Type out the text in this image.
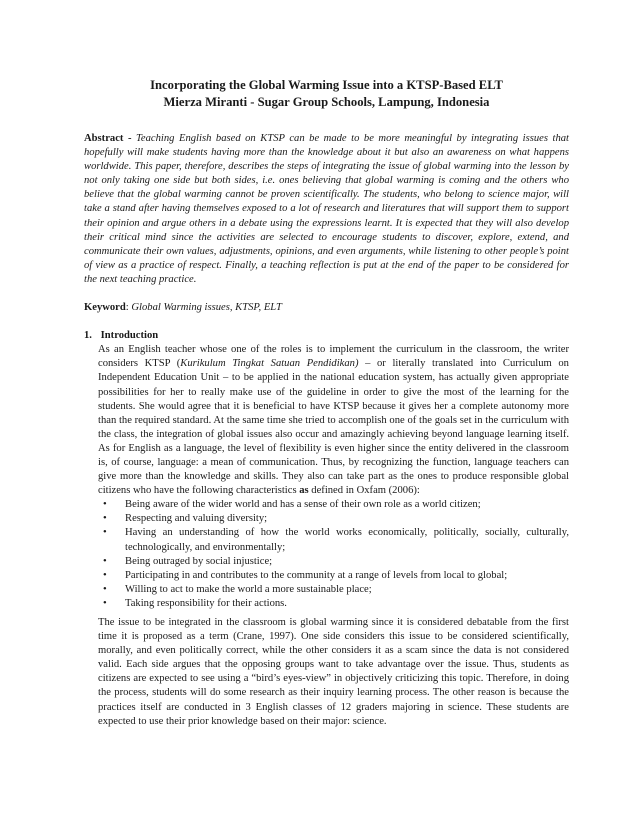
Incorporating the Global Warming Issue into a KTSP-Based ELT
Mierza Miranti - Sugar Group Schools, Lampung, Indonesia
Abstract - Teaching English based on KTSP can be made to be more meaningful by integrating issues that hopefully will make students having more than the knowledge about it but also an awareness on what happens worldwide. This paper, therefore, describes the steps of integrating the issue of global warming into the lesson by not only taking one side but both sides, i.e. ones believing that global warming is coming and the others who believe that the global warming cannot be proven scientifically. The students, who belong to science major, will take a stand after having themselves exposed to a lot of research and literatures that will support them to support their opinion and argue others in a debate using the expressions learnt. It is expected that they will also develop their critical mind since the activities are selected to encourage students to discover, explore, extend, and communicate their own values, adjustments, opinions, and even arguments, while listening to other people’s point of view as a practice of respect. Finally, a teaching reflection is put at the end of the paper to be considered for the next teaching practice.
Keyword: Global Warming issues, KTSP, ELT
1. Introduction
As an English teacher whose one of the roles is to implement the curriculum in the classroom, the writer considers KTSP (Kurikulum Tingkat Satuan Pendidikan) – or literally translated into Curriculum on Independent Education Unit – to be applied in the national education system, has actually given appropriate possibilities for her to really make use of the guideline in order to give the most of the learning for the students. She would agree that it is beneficial to have KTSP because it gives her a complete autonomy more than the required standard. At the same time she tried to accomplish one of the goals set in the curriculum with the class, the integration of global issues also occur and amazingly achieving beyond language learning itself. As for English as a language, the level of flexibility is even higher since the entity delivered in the classroom is, of course, language: a mean of communication. Thus, by recognizing the function, language teachers can give more than the knowledge and skills. They also can take part as the ones to produce responsible global citizens who have the following characteristics as defined in Oxfam (2006):
•	Being aware of the wider world and has a sense of their own role as a world citizen;
•	Respecting and valuing diversity;
•	Having an understanding of how the world works economically, politically, socially, culturally, technologically, and environmentally;
•	Being outraged by social injustice;
•	Participating in and contributes to the community at a range of levels from local to global;
•	Willing to act to make the world a more sustainable place;
•	Taking responsibility for their actions.
The issue to be integrated in the classroom is global warming since it is considered debatable from the first time it is proposed as a term (Crane, 1997). One side considers this issue to be considered scientifically, morally, and even politically correct, while the other considers it as a scam since the data is not considered valid. Each side argues that the opposing groups want to take advantage over the issue. Thus, students as citizens are expected to see using a “bird’s eyes-view” in objectively criticizing this topic. Therefore, in doing the process, students will do some research as their inquiry learning process. The other reason is because the practices itself are conducted in 3 English classes of 12 graders majoring in science. These students are expected to use their prior knowledge based on their major: science.
